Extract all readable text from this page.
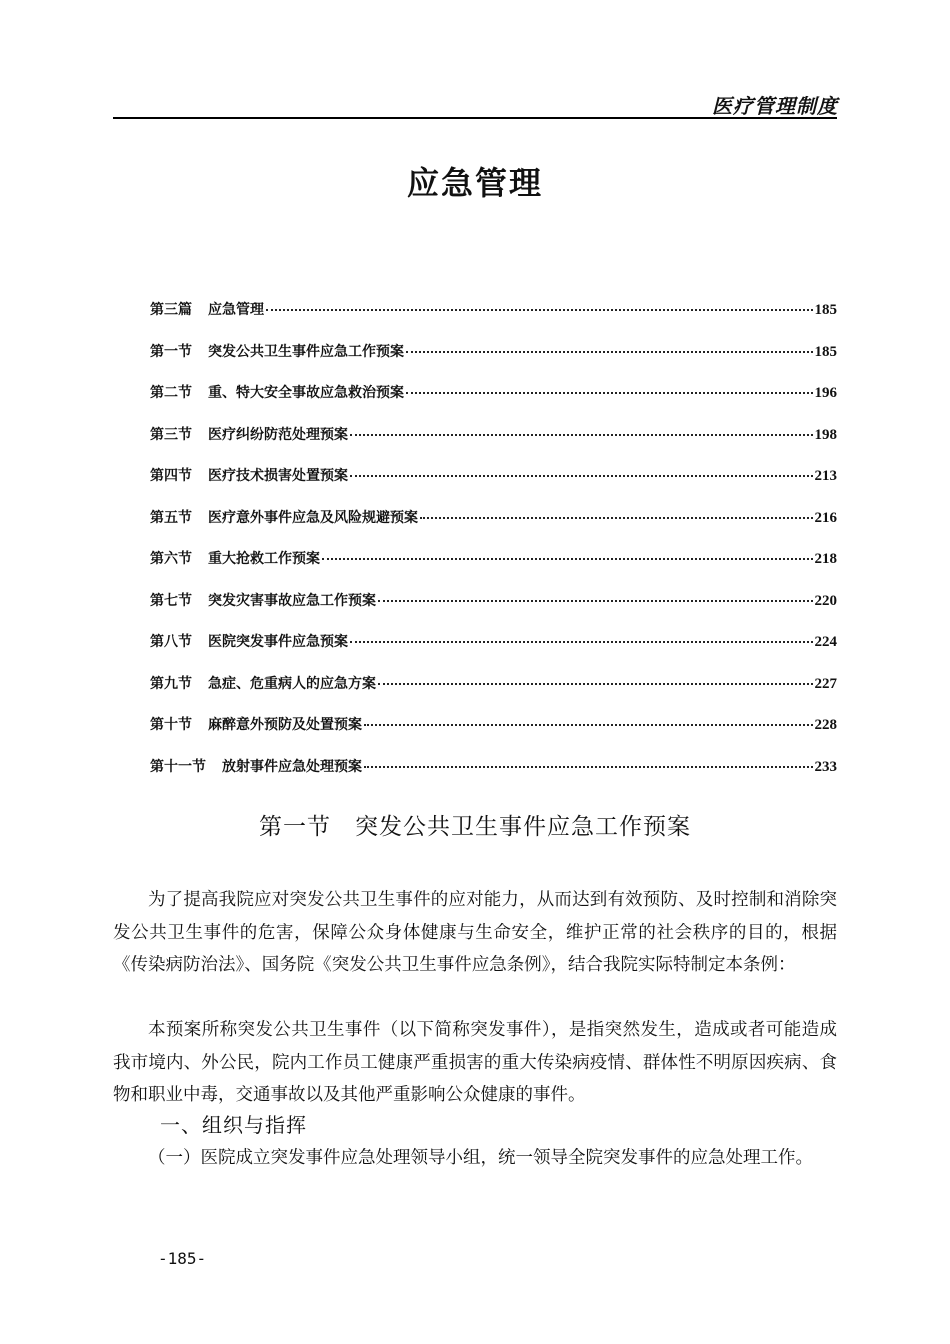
医疗管理制度
应急管理
第三篇 应急管理	185
第一节 突发公共卫生事件应急工作预案	185
第二节 重、特大安全事故应急救治预案	196
第三节 医疗纠纷防范处理预案	198
第四节 医疗技术损害处置预案	213
第五节 医疗意外事件应急及风险规避预案	216
第六节 重大抢救工作预案	218
第七节 突发灾害事故应急工作预案	220
第八节 医院突发事件应急预案	224
第九节 急症、危重病人的应急方案	227
第十节 麻醉意外预防及处置预案	228
第十一节 放射事件应急处理预案	233
第一节　突发公共卫生事件应急工作预案

为了提高我院应对突发公共卫生事件的应对能力，从而达到有效预防、及时控制和消除突发公共卫生事件的危害，保障公众身体健康与生命安全，维护正常的社会秩序的目的，根据《传染病防治法》、国务院《突发公共卫生事件应急条例》，结合我院实际特制定本条例：

本预案所称突发公共卫生事件（以下简称突发事件），是指突然发生，造成或者可能造成我市境内、外公民，院内工作员工健康严重损害的重大传染病疫情、群体性不明原因疾病、食物和职业中毒，交通事故以及其他严重影响公众健康的事件。

一、组织与指挥

（一）医院成立突发事件应急处理领导小组，统一领导全院突发事件的应急处理工作。

-185-
